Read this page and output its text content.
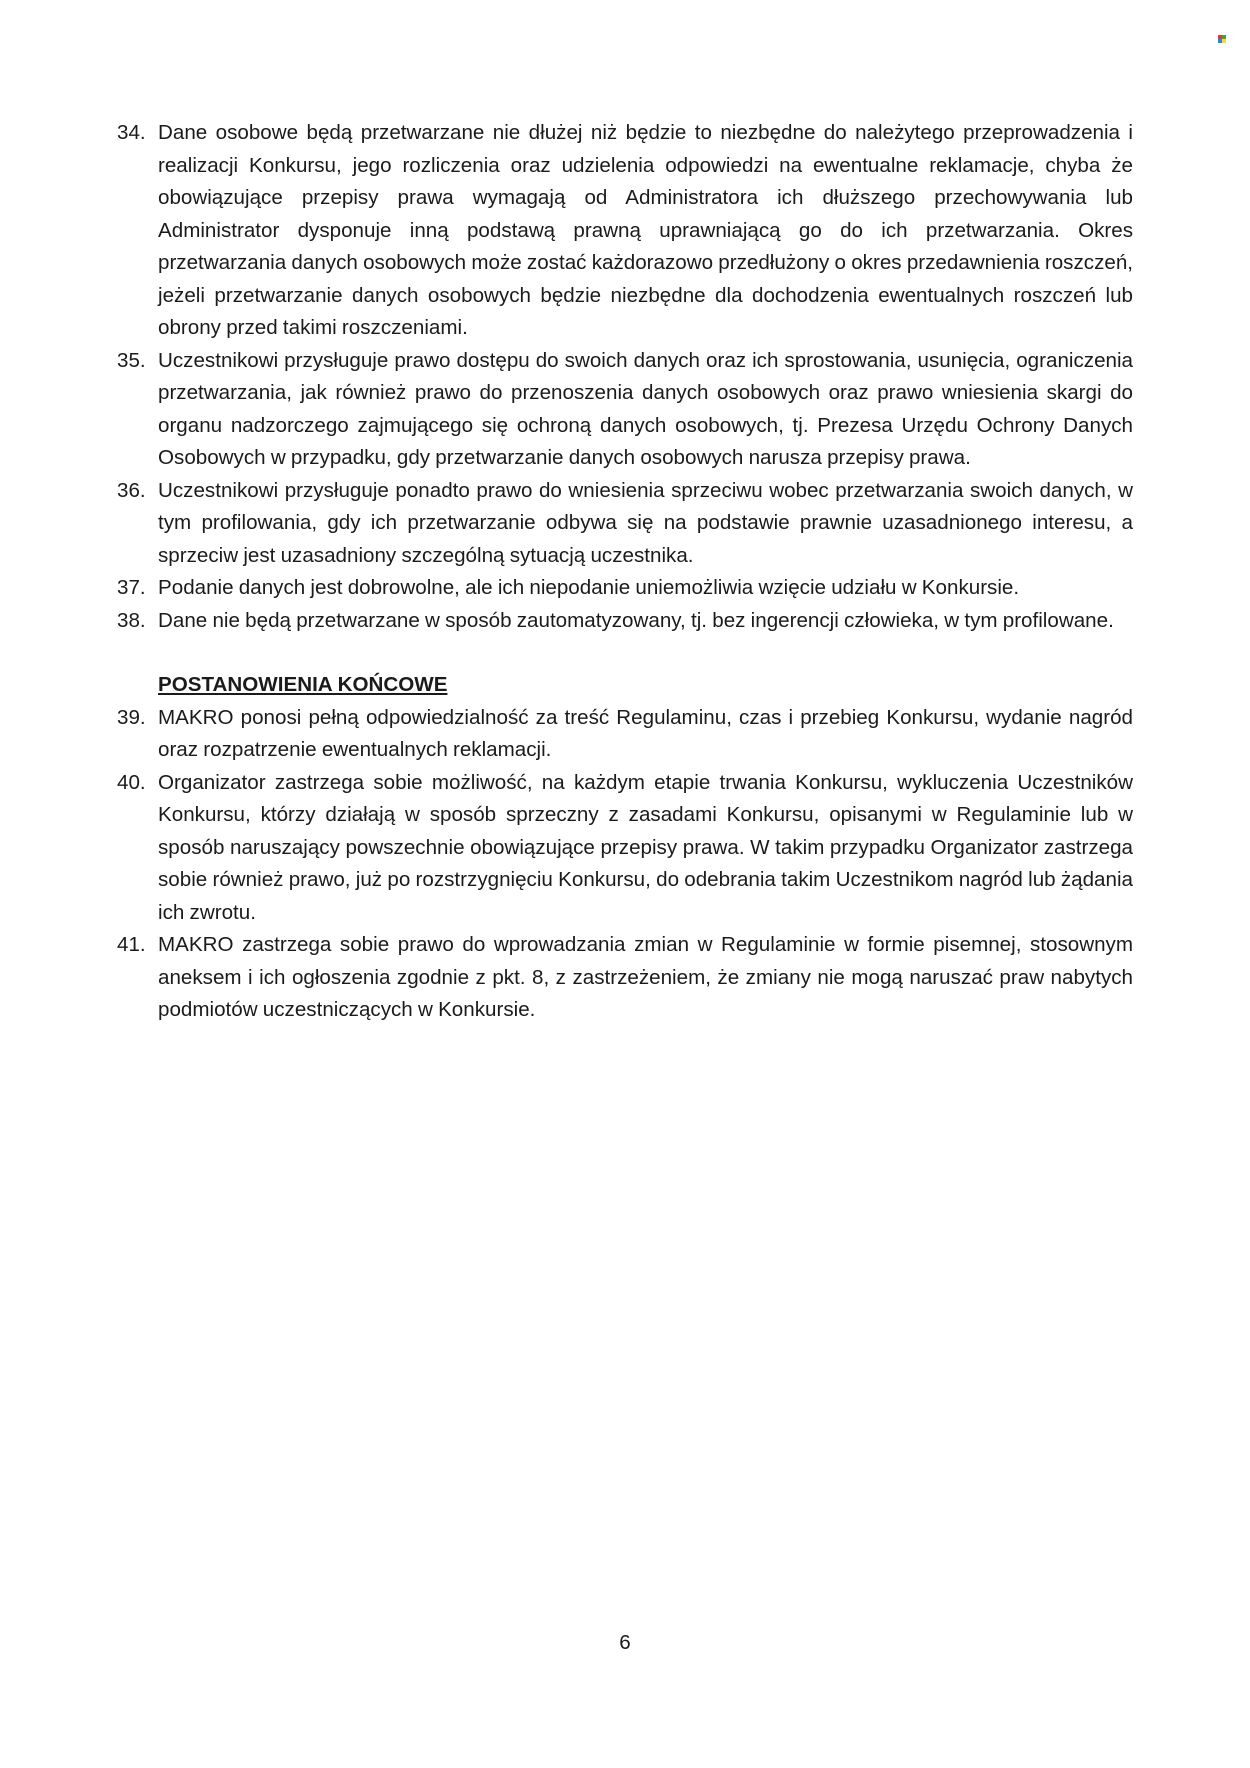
34. Dane osobowe będą przetwarzane nie dłużej niż będzie to niezbędne do należytego przeprowadzenia i realizacji Konkursu, jego rozliczenia oraz udzielenia odpowiedzi na ewentualne reklamacje, chyba że obowiązujące przepisy prawa wymagają od Administratora ich dłuższego przechowywania lub Administrator dysponuje inną podstawą prawną uprawniającą go do ich przetwarzania. Okres przetwarzania danych osobowych może zostać każdorazowo przedłużony o okres przedawnienia roszczeń, jeżeli przetwarzanie danych osobowych będzie niezbędne dla dochodzenia ewentualnych roszczeń lub obrony przed takimi roszczeniami.
35. Uczestnikowi przysługuje prawo dostępu do swoich danych oraz ich sprostowania, usunięcia, ograniczenia przetwarzania, jak również prawo do przenoszenia danych osobowych oraz prawo wniesienia skargi do organu nadzorczego zajmującego się ochroną danych osobowych, tj. Prezesa Urzędu Ochrony Danych Osobowych w przypadku, gdy przetwarzanie danych osobowych narusza przepisy prawa.
36. Uczestnikowi przysługuje ponadto prawo do wniesienia sprzeciwu wobec przetwarzania swoich danych, w tym profilowania, gdy ich przetwarzanie odbywa się na podstawie prawnie uzasadnionego interesu, a sprzeciw jest uzasadniony szczególną sytuacją uczestnika.
37. Podanie danych jest dobrowolne, ale ich niepodanie uniemożliwia wzięcie udziału w Konkursie.
38. Dane nie będą przetwarzane w sposób zautomatyzowany, tj. bez ingerencji człowieka, w tym profilowane.
POSTANOWIENIA KOŃCOWE
39. MAKRO ponosi pełną odpowiedzialność za treść Regulaminu, czas i przebieg Konkursu, wydanie nagród oraz rozpatrzenie ewentualnych reklamacji.
40. Organizator zastrzega sobie możliwość, na każdym etapie trwania Konkursu, wykluczenia Uczestników Konkursu, którzy działają w sposób sprzeczny z zasadami Konkursu, opisanymi w Regulaminie lub w sposób naruszający powszechnie obowiązujące przepisy prawa. W takim przypadku Organizator zastrzega sobie również prawo, już po rozstrzygnięciu Konkursu, do odebrania takim Uczestnikom nagród lub żądania ich zwrotu.
41. MAKRO zastrzega sobie prawo do wprowadzania zmian w Regulaminie w formie pisemnej, stosownym aneksem i ich ogłoszenia zgodnie z pkt. 8, z zastrzeżeniem, że zmiany nie mogą naruszać praw nabytych podmiotów uczestniczących w Konkursie.
6
